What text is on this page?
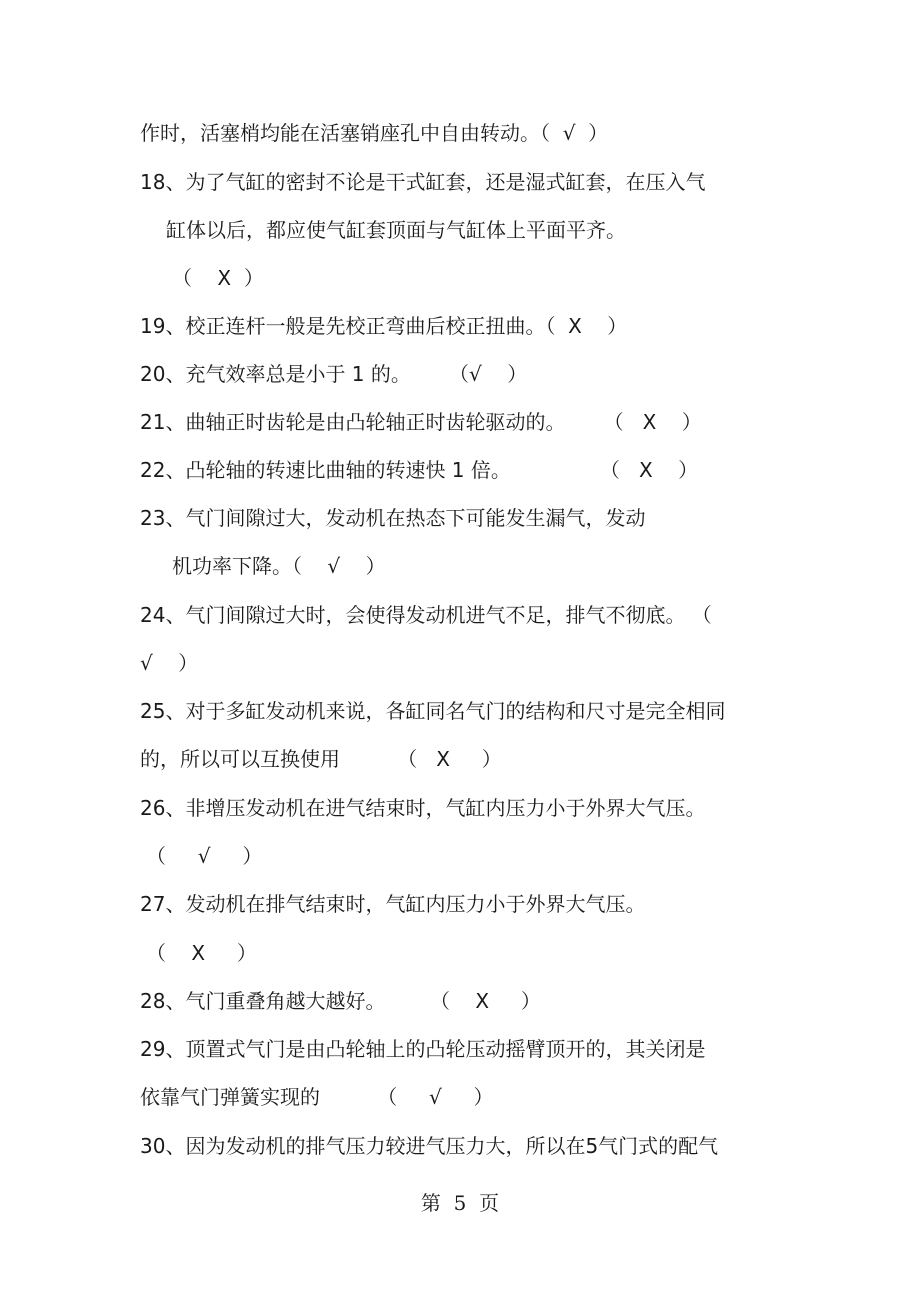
作时，活塞梢均能在活塞销座孔中自由转动。（  √  ）
18、为了气缸的密封不论是干式缸套，还是湿式缸套，在压入气
缸体以后，都应使气缸套顶面与气缸体上平面平齐。
（    X  ）
19、校正连杆一般是先校正弯曲后校正扭曲。（  X    ）
20、充气效率总是小于 1 的。      （√    ）
21、曲轴正时齿轮是由凸轮轴正时齿轮驱动的。      （   X    ）
22、凸轮轴的转速比曲轴的转速快 1 倍。              （   X    ）
23、气门间隙过大，发动机在热态下可能发生漏气，发动
机功率下降。（    √    ）
24、气门间隙过大时，会使得发动机进气不足，排气不彻底。 （
√    ）
25、对于多缸发动机来说，各缸同名气门的结构和尺寸是完全相同
的，所以可以互换使用         （   X     ）
26、非增压发动机在进气结束时，气缸内压力小于外界大气压。
（     √     ）
27、发动机在排气结束时，气缸内压力小于外界大气压。
（    X     ）
28、气门重叠角越大越好。       （    X     ）
29、顶置式气门是由凸轮轴上的凸轮压动摇臂顶开的，其关闭是
依靠气门弹簧实现的         （     √     ）
30、因为发动机的排气压力较进气压力大，所以在5气门式的配气
第  5  页
